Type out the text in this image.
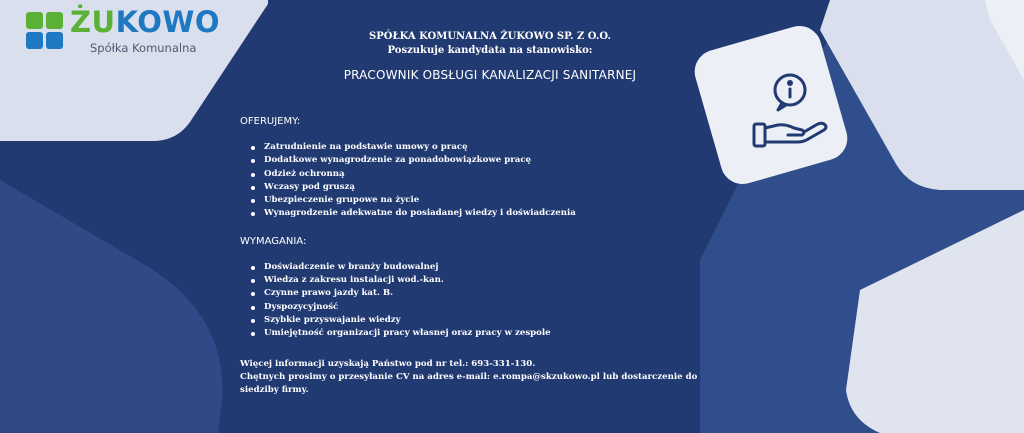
ŻUKOWO
Spółka Komunalna
SPÓŁKA KOMUNALNA ŻUKOWO SP. Z O.O.
Poszukuje kandydata na stanowisko:
PRACOWNIK OBSŁUGI KANALIZACJI SANITARNEJ
OFERUJEMY:
Zatrudnienie na podstawie umowy o pracę
Dodatkowe wynagrodzenie za ponadobowiązkowe pracę
Odzież ochronną
Wczasy pod gruszą
Ubezpieczenie grupowe na życie
Wynagrodzenie adekwatne do posiadanej wiedzy i doświadczenia
WYMAGANIA:
Doświadczenie w branży budowalnej
Wiedza z zakresu instalacji wod.-kan.
Czynne prawo jazdy kat. B.
Dyspozycyjność
Szybkie przyswajanie wiedzy
Umiejętność organizacji pracy własnej oraz pracy w zespole
Więcej informacji uzyskają Państwo pod nr tel.: 693-331-130.
Chętnych prosimy o przesyłanie CV na adres e-mail: e.rompa@skzukowo.pl lub dostarczenie do siedziby firmy.
